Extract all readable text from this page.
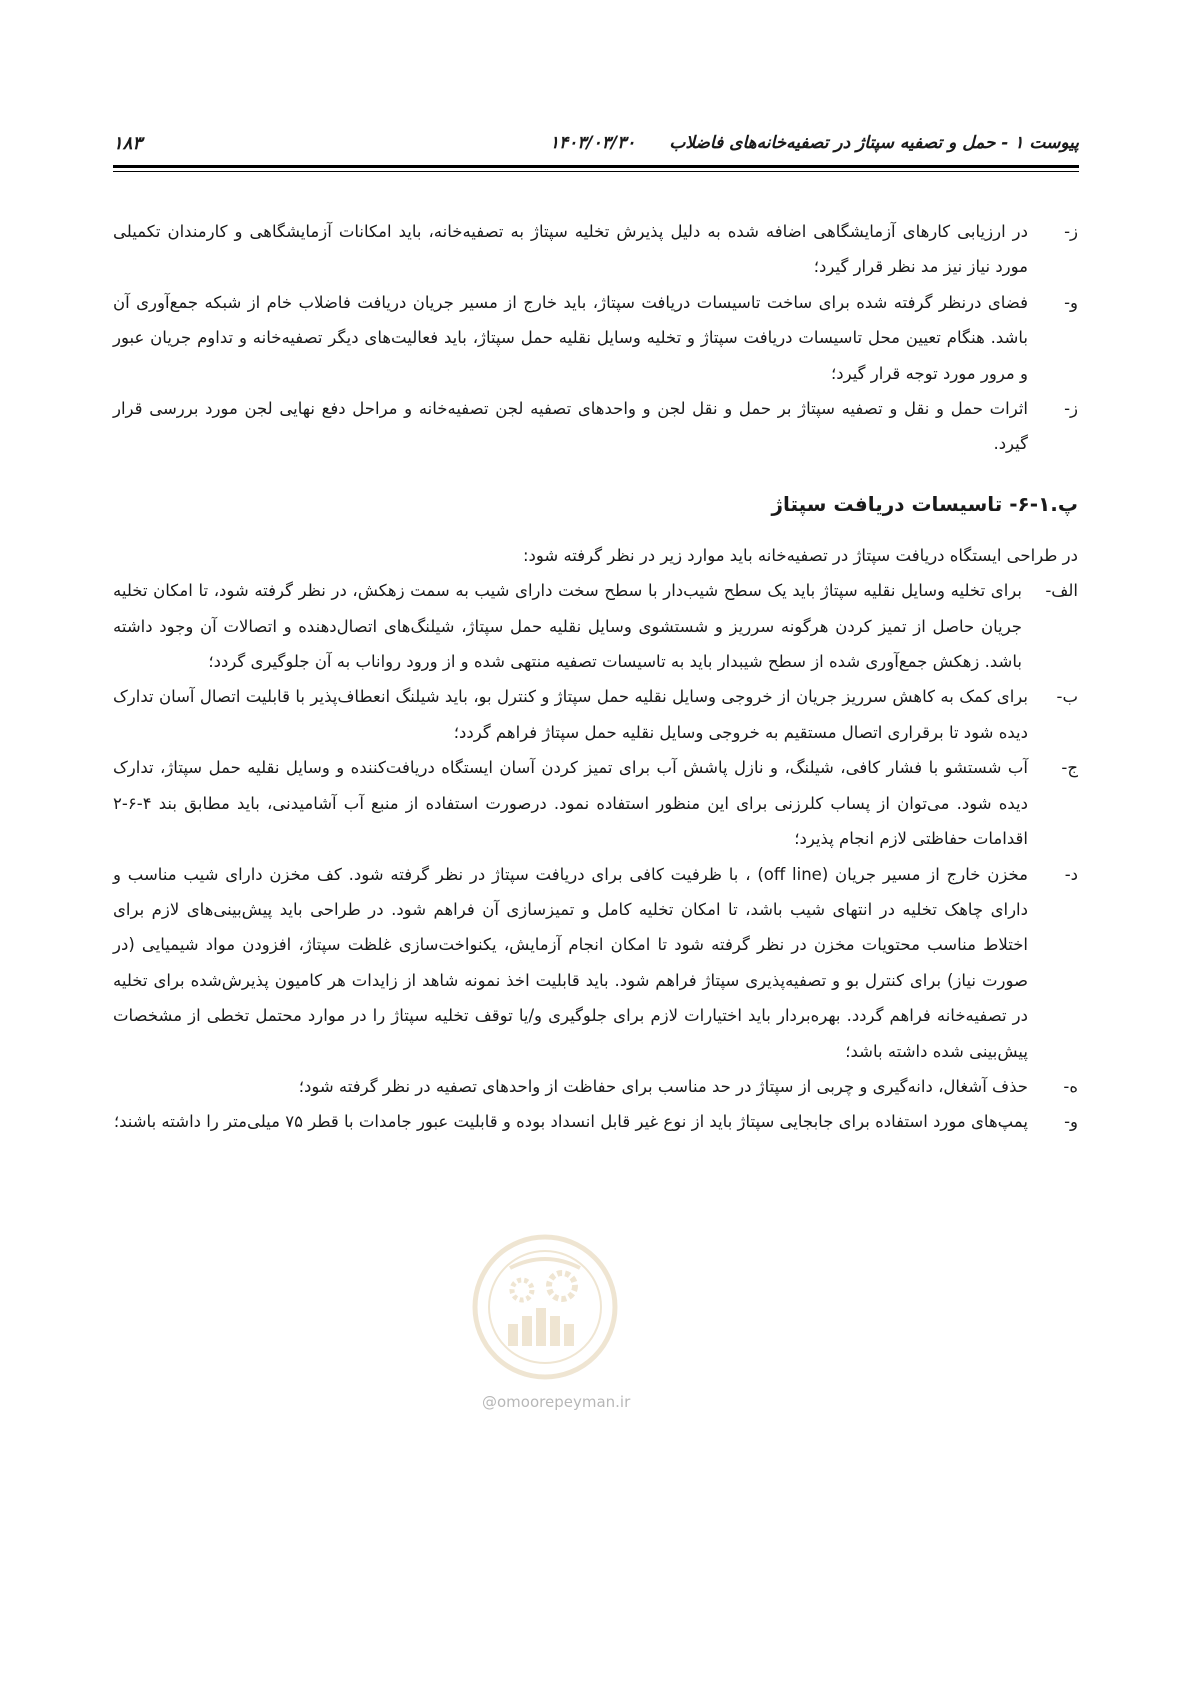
پیوست ۱ - حمل و تصفیه سپتاژ در تصفیه‌خانه‌های فاضلاب
۱۴۰۳/۰۳/۳۰
۱۸۳
ز-
در ارزیابی کارهای آزمایشگاهی اضافه شده به دلیل پذیرش تخلیه سپتاژ به تصفیه‌خانه، باید امکانات آزمایشگاهی و کارمندان تکمیلی مورد نیاز نیز مد نظر قرار گیرد؛
و-
فضای درنظر گرفته شده برای ساخت تاسیسات دریافت سپتاژ، باید خارج از مسیر جریان دریافت فاضلاب خام از شبکه جمع‌آوری آن باشد. هنگام تعیین محل تاسیسات دریافت سپتاژ و تخلیه وسایل نقلیه حمل سپتاژ، باید فعالیت‌های دیگر تصفیه‌خانه و تداوم جریان عبور و مرور مورد توجه قرار گیرد؛
ز-
اثرات حمل و نقل و تصفیه سپتاژ بر حمل و نقل لجن و واحدهای تصفیه لجن تصفیه‌خانه و مراحل دفع نهایی لجن مورد بررسی قرار گیرد.
پ.۱-۶- تاسیسات دریافت سپتاژ

در طراحی ایستگاه دریافت سپتاژ در تصفیه‌خانه باید موارد زیر در نظر گرفته شود:

الف-
برای تخلیه وسایل نقلیه سپتاژ باید یک سطح شیب‌دار با سطح سخت دارای شیب به سمت زهکش، در نظر گرفته شود، تا امکان تخلیه جریان حاصل از تمیز کردن هرگونه سرریز و شستشوی وسایل نقلیه حمل سپتاژ، شیلنگ‌های اتصال‌دهنده و اتصالات آن وجود داشته باشد. زهکش جمع‌آوری شده از سطح شیبدار باید به تاسیسات تصفیه منتهی شده و از ورود رواناب به آن جلوگیری گردد؛
ب-
برای کمک به کاهش سرریز جریان از خروجی وسایل نقلیه حمل سپتاژ و کنترل بو، باید شیلنگ انعطاف‌پذیر با قابلیت اتصال آسان تدارک دیده شود تا برقراری اتصال مستقیم به خروجی وسایل نقلیه حمل سپتاژ فراهم گردد؛
ج-
آب شستشو با فشار کافی، شیلنگ، و نازل پاشش آب برای تمیز کردن آسان ایستگاه دریافت‌کننده و وسایل نقلیه حمل سپتاژ، تدارک دیده شود. می‌توان از پساب کلرزنی برای این منظور استفاده نمود. درصورت استفاده از منبع آب آشامیدنی، باید مطابق بند ۴-۶-۲ اقدامات حفاظتی لازم انجام پذیرد؛
د-
مخزن خارج از مسیر جریان (off line) ، با ظرفیت کافی برای دریافت سپتاژ در نظر گرفته شود. کف مخزن دارای شیب مناسب و دارای چاهک تخلیه در انتهای شیب باشد، تا امکان تخلیه کامل و تمیزسازی آن فراهم شود. در طراحی باید پیش‌بینی‌های لازم برای اختلاط مناسب محتویات مخزن در نظر گرفته شود تا امکان انجام آزمایش، یکنواخت‌سازی غلظت سپتاژ، افزودن مواد شیمیایی (در صورت نیاز) برای کنترل بو و تصفیه‌پذیری سپتاژ فراهم شود. باید قابلیت اخذ نمونه شاهد از زایدات هر کامیون پذیرش‌شده برای تخلیه در تصفیه‌خانه فراهم گردد. بهره‌بردار باید اختیارات لازم برای جلوگیری و/یا توقف تخلیه سپتاژ را در موارد محتمل تخطی از مشخصات پیش‌بینی شده داشته باشد؛
ه-
حذف آشغال، دانه‌گیری و چربی از سپتاژ در حد مناسب برای حفاظت از واحدهای تصفیه در نظر گرفته شود؛
و-
پمپ‌های مورد استفاده برای جابجایی سپتاژ باید از نوع غیر قابل انسداد بوده و قابلیت عبور جامدات با قطر ۷۵ میلی‌متر را داشته باشند؛
@omoorepeyman.ir
